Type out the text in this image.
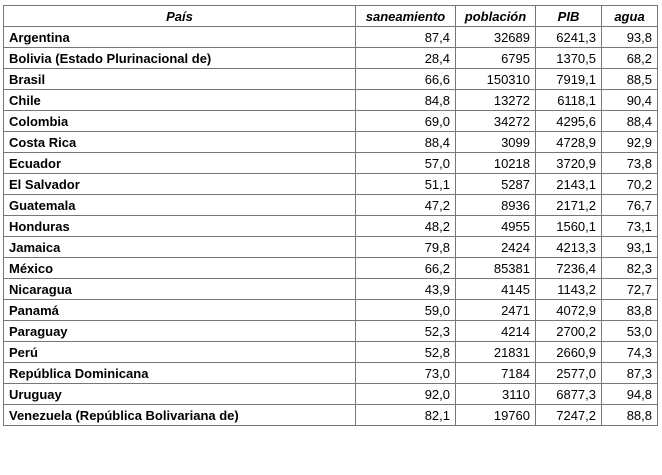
País	saneamiento	población	PIB	agua
Argentina	87,4	32689	6241,3	93,8
Bolivia (Estado Plurinacional de)	28,4	6795	1370,5	68,2
Brasil	66,6	150310	7919,1	88,5
Chile	84,8	13272	6118,1	90,4
Colombia	69,0	34272	4295,6	88,4
Costa Rica	88,4	3099	4728,9	92,9
Ecuador	57,0	10218	3720,9	73,8
El Salvador	51,1	5287	2143,1	70,2
Guatemala	47,2	8936	2171,2	76,7
Honduras	48,2	4955	1560,1	73,1
Jamaica	79,8	2424	4213,3	93,1
México	66,2	85381	7236,4	82,3
Nicaragua	43,9	4145	1143,2	72,7
Panamá	59,0	2471	4072,9	83,8
Paraguay	52,3	4214	2700,2	53,0
Perú	52,8	21831	2660,9	74,3
República Dominicana	73,0	7184	2577,0	87,3
Uruguay	92,0	3110	6877,3	94,8
Venezuela (República Bolivariana de)	82,1	19760	7247,2	88,8
